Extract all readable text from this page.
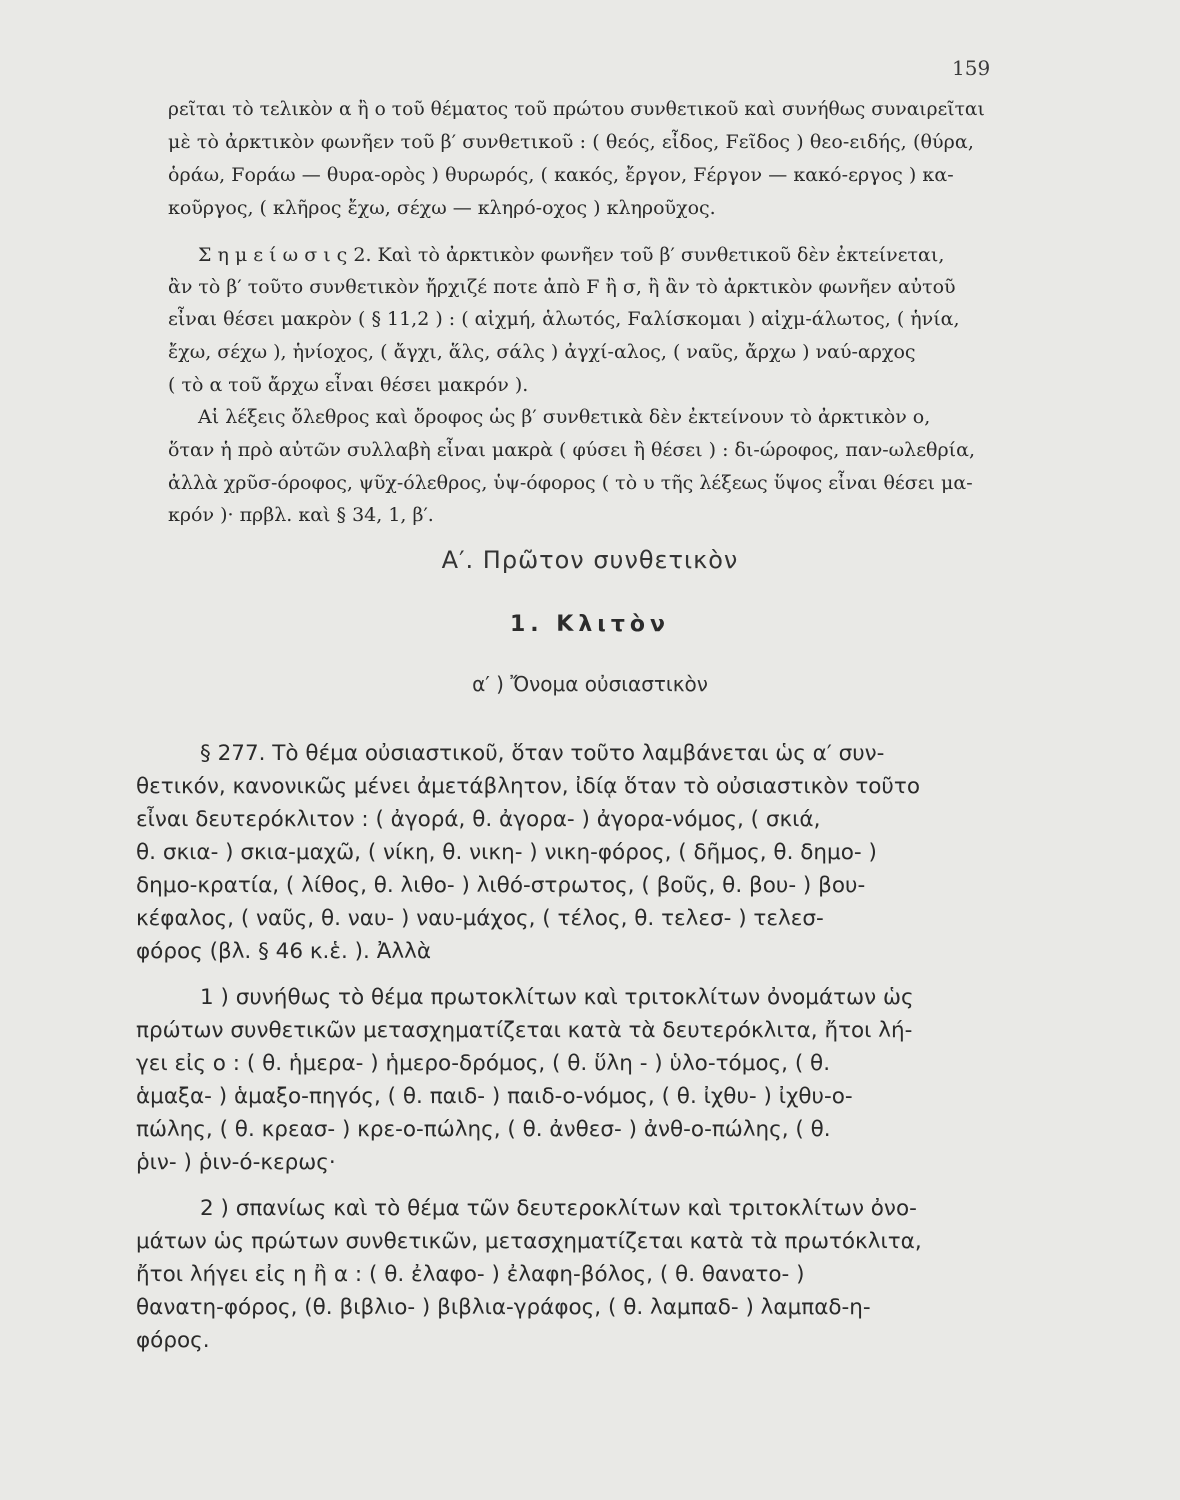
159
ρεῖται τὸ τελικὸν α ἢ ο τοῦ θέματος τοῦ πρώτου συνθετικοῦ καὶ συνήθως συναιρεῖται
μὲ τὸ ἀρκτικὸν φωνῆεν τοῦ β′ συνθετικοῦ : ( θεός, εἶδος, Fεῖδος ) θεο-ειδής, (θύρα,
ὁράω, Fοράω — θυρα-ορὸς ) θυρωρός, ( κακός, ἔργον, Fέργον — κακό-εργος ) κα-
κοῦργος, ( κλῆρος ἔχω, σέχω — κληρό-οχος ) κληροῦχος.
Σ η μ ε ί ω σ ι ς 2. Καὶ τὸ ἀρκτικὸν φωνῆεν τοῦ β′ συνθετικοῦ δὲν ἐκτείνεται,
ἂν τὸ β′ τοῦτο συνθετικὸν ἤρχιζέ ποτε ἀπὸ F ἢ σ, ἢ ἂν τὸ ἀρκτικὸν φωνῆεν αὐτοῦ
εἶναι θέσει μακρὸν ( § 11,2 ) : ( αἰχμή, ἁλωτός, Fαλίσκομαι ) αἰχμ-άλωτος, ( ἡνία,
ἔχω, σέχω ), ἡνίοχος, ( ἄγχι, ἅλς, σάλς ) ἀγχί-αλος, ( ναῦς, ἄρχω ) ναύ-αρχος
( τὸ α τοῦ ἄρχω εἶναι θέσει μακρόν ).
Αἱ λέξεις ὄλεθρος καὶ ὄροφος ὡς β′ συνθετικὰ δὲν ἐκτείνουν τὸ ἀρκτικὸν ο,
ὅταν ἡ πρὸ αὐτῶν συλλαβὴ εἶναι μακρὰ ( φύσει ἢ θέσει ) : δι-ώροφος, παν-ωλεθρία,
ἀλλὰ χρῦσ-όροφος, ψῦχ-όλεθρος, ὑψ-όφορος ( τὸ υ τῆς λέξεως ὕψος εἶναι θέσει μα-
κρόν )· πρβλ. καὶ § 34, 1, β′.
Α′. Πρῶτον συνθετικὸν
1. Κλιτὸν
α′ ) Ὄνομα οὐσιαστικὸν
§ 277. Τὸ θέμα οὐσιαστικοῦ, ὅταν τοῦτο λαμβάνεται ὡς α′ συν-
θετικόν, κανονικῶς μένει ἀμετάβλητον, ἰδίᾳ ὅταν τὸ οὐσιαστικὸν τοῦτο
εἶναι δευτερόκλιτον : ( ἀγορά, θ. ἀγορα- ) ἀγορα-νόμος, ( σκιά,
θ. σκια- ) σκια-μαχῶ, ( νίκη, θ. νικη- ) νικη-φόρος, ( δῆμος, θ. δημο- )
δημο-κρατία, ( λίθος, θ. λιθο- ) λιθό-στρωτος, ( βοῦς, θ. βου- ) βου-
κέφαλος, ( ναῦς, θ. ναυ- ) ναυ-μάχος, ( τέλος, θ. τελεσ- ) τελεσ-
φόρος (βλ. § 46 κ.ἑ. ). Ἀλλὰ
1 ) συνήθως τὸ θέμα πρωτοκλίτων καὶ τριτοκλίτων ὀνομάτων ὡς
πρώτων συνθετικῶν μετασχηματίζεται κατὰ τὰ δευτερόκλιτα, ἤτοι λή-
γει εἰς ο : ( θ. ἡμερα- ) ἡμερο-δρόμος, ( θ. ὕλη - ) ὑλο-τόμος, ( θ.
ἁμαξα- ) ἁμαξο-πηγός, ( θ. παιδ- ) παιδ-ο-νόμος, ( θ. ἰχθυ- ) ἰχθυ-ο-
πώλης, ( θ. κρεασ- ) κρε-ο-πώλης, ( θ. ἀνθεσ- ) ἀνθ-ο-πώλης, ( θ.
ῥιν- ) ῥιν-ό-κερως·
2 ) σπανίως καὶ τὸ θέμα τῶν δευτεροκλίτων καὶ τριτοκλίτων ὀνο-
μάτων ὡς πρώτων συνθετικῶν, μετασχηματίζεται κατὰ τὰ πρωτόκλιτα,
ἤτοι λήγει εἰς η ἢ α : ( θ. ἐλαφο- ) ἐλαφη-βόλος, ( θ. θανατο- )
θανατη-φόρος, (θ. βιβλιο- ) βιβλια-γράφος, ( θ. λαμπαδ- ) λαμπαδ-η-
φόρος.
